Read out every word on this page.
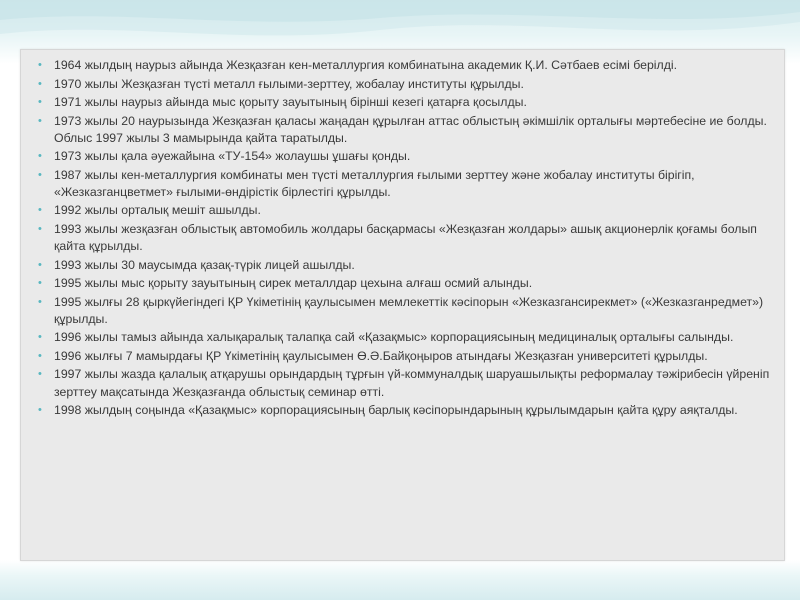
• 1964 жылдың наурыз айында Жезқазған кен-металлургия комбинатына академик Қ.И. Сәтбаев есімі берілді.
• 1970 жылы Жезқазған түсті металл ғылыми-зерттеу, жобалау институты құрылды.
• 1971 жылы наурыз айында мыс қорыту зауытының бірінші кезегі қатарға қосылды.
• 1973 жылы 20 наурызында Жезқазған қаласы жаңадан құрылған аттас облыстың әкімшілік орталығы мәртебесіне ие болды. Облыс 1997 жылы 3 мамырында қайта таратылды.
• 1973 жылы қала әуежайына «ТУ-154» жолаушы ұшағы қонды.
• 1987 жылы кен-металлургия комбинаты мен түсті металлургия ғылыми зерттеу және жобалау институты бірігіп, «Жезказганцветмет» ғылыми-өндірістік бірлестігі құрылды.
• 1992 жылы орталық мешіт ашылды.
• 1993 жылы жезқазған облыстық автомобиль жолдары басқармасы «Жезқазған жолдары» ашық акционерлік қоғамы болып қайта құрылды.
• 1993 жылы 30 маусымда қазақ-түрік лицей ашылды.
• 1995 жылы мыс қорыту зауытының сирек металлдар цехына алғаш осмий алынды.
• 1995 жылғы 28 қыркүйегіндегі ҚР Үкіметінің қаулысымен мемлекеттік кәсіпорын «Жезказгансирекмет» («Жезказганредмет») құрылды.
• 1996 жылы тамыз айында халықаралық талапқа сай «Қазақмыс» корпорациясының медициналық орталығы салынды.
• 1996 жылғы 7 мамырдағы ҚР Үкіметінің қаулысымен Ө.Ә.Байқоңыров атындағы Жезқазған университеті құрылды.
• 1997 жылы жазда қалалық атқарушы орындардың тұрғын үй-коммуналдық шаруашылықты реформалау тәжірибесін үйреніп зерттеу мақсатында Жезқазғанда облыстық семинар өтті.
• 1998 жылдың соңында «Қазақмыс» корпорациясының барлық кәсіпорындарының құрылымдарын қайта құру аяқталды.
